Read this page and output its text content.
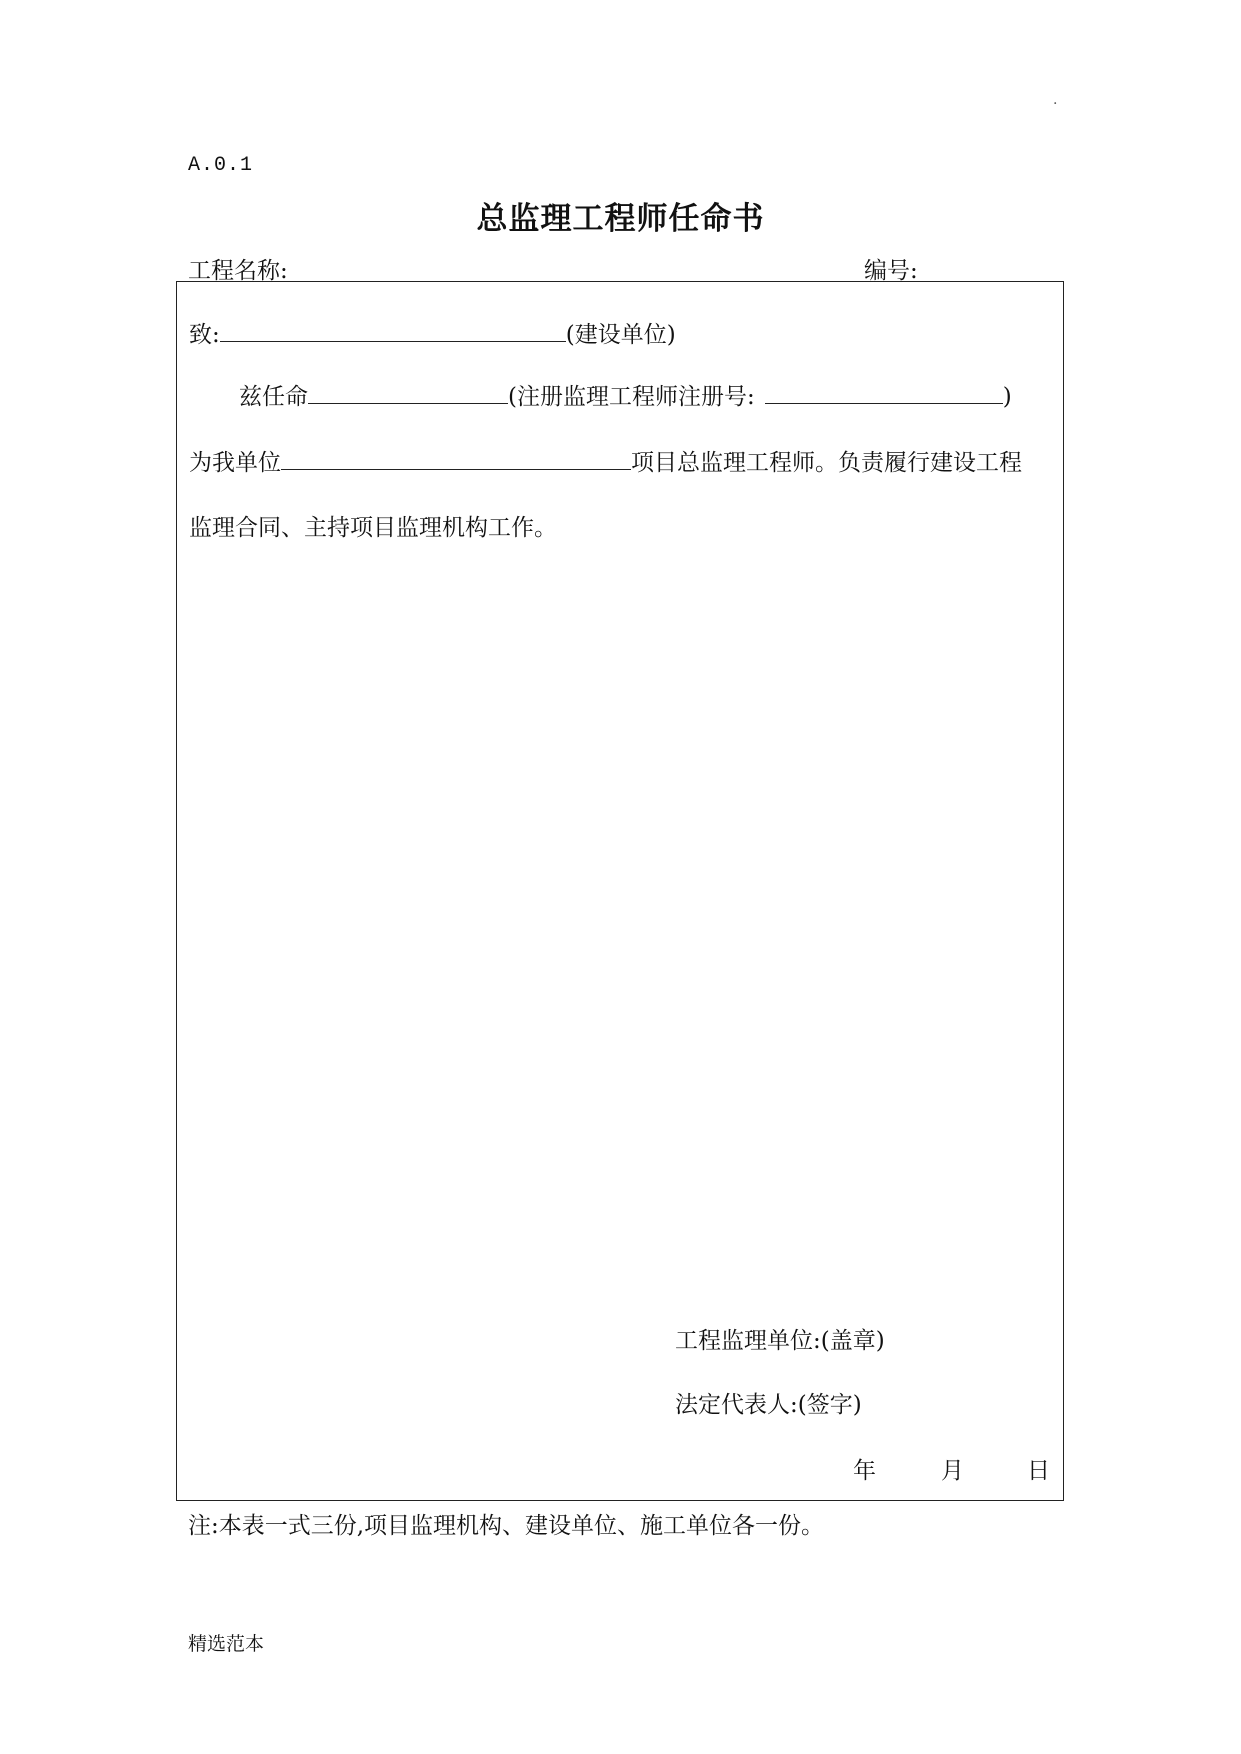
.
A.0.1
总监理工程师任命书
工程名称:	编号:
致:	(建设单位)
兹任命	(注册监理工程师注册号:	)
为我单位	项目总监理工程师。负责履行建设工程
监理合同、主持项目监理机构工作。
工程监理单位:(盖章)
法定代表人:(签字)
年	月	日
注:本表一式三份,项目监理机构、建设单位、施工单位各一份。
精选范本
